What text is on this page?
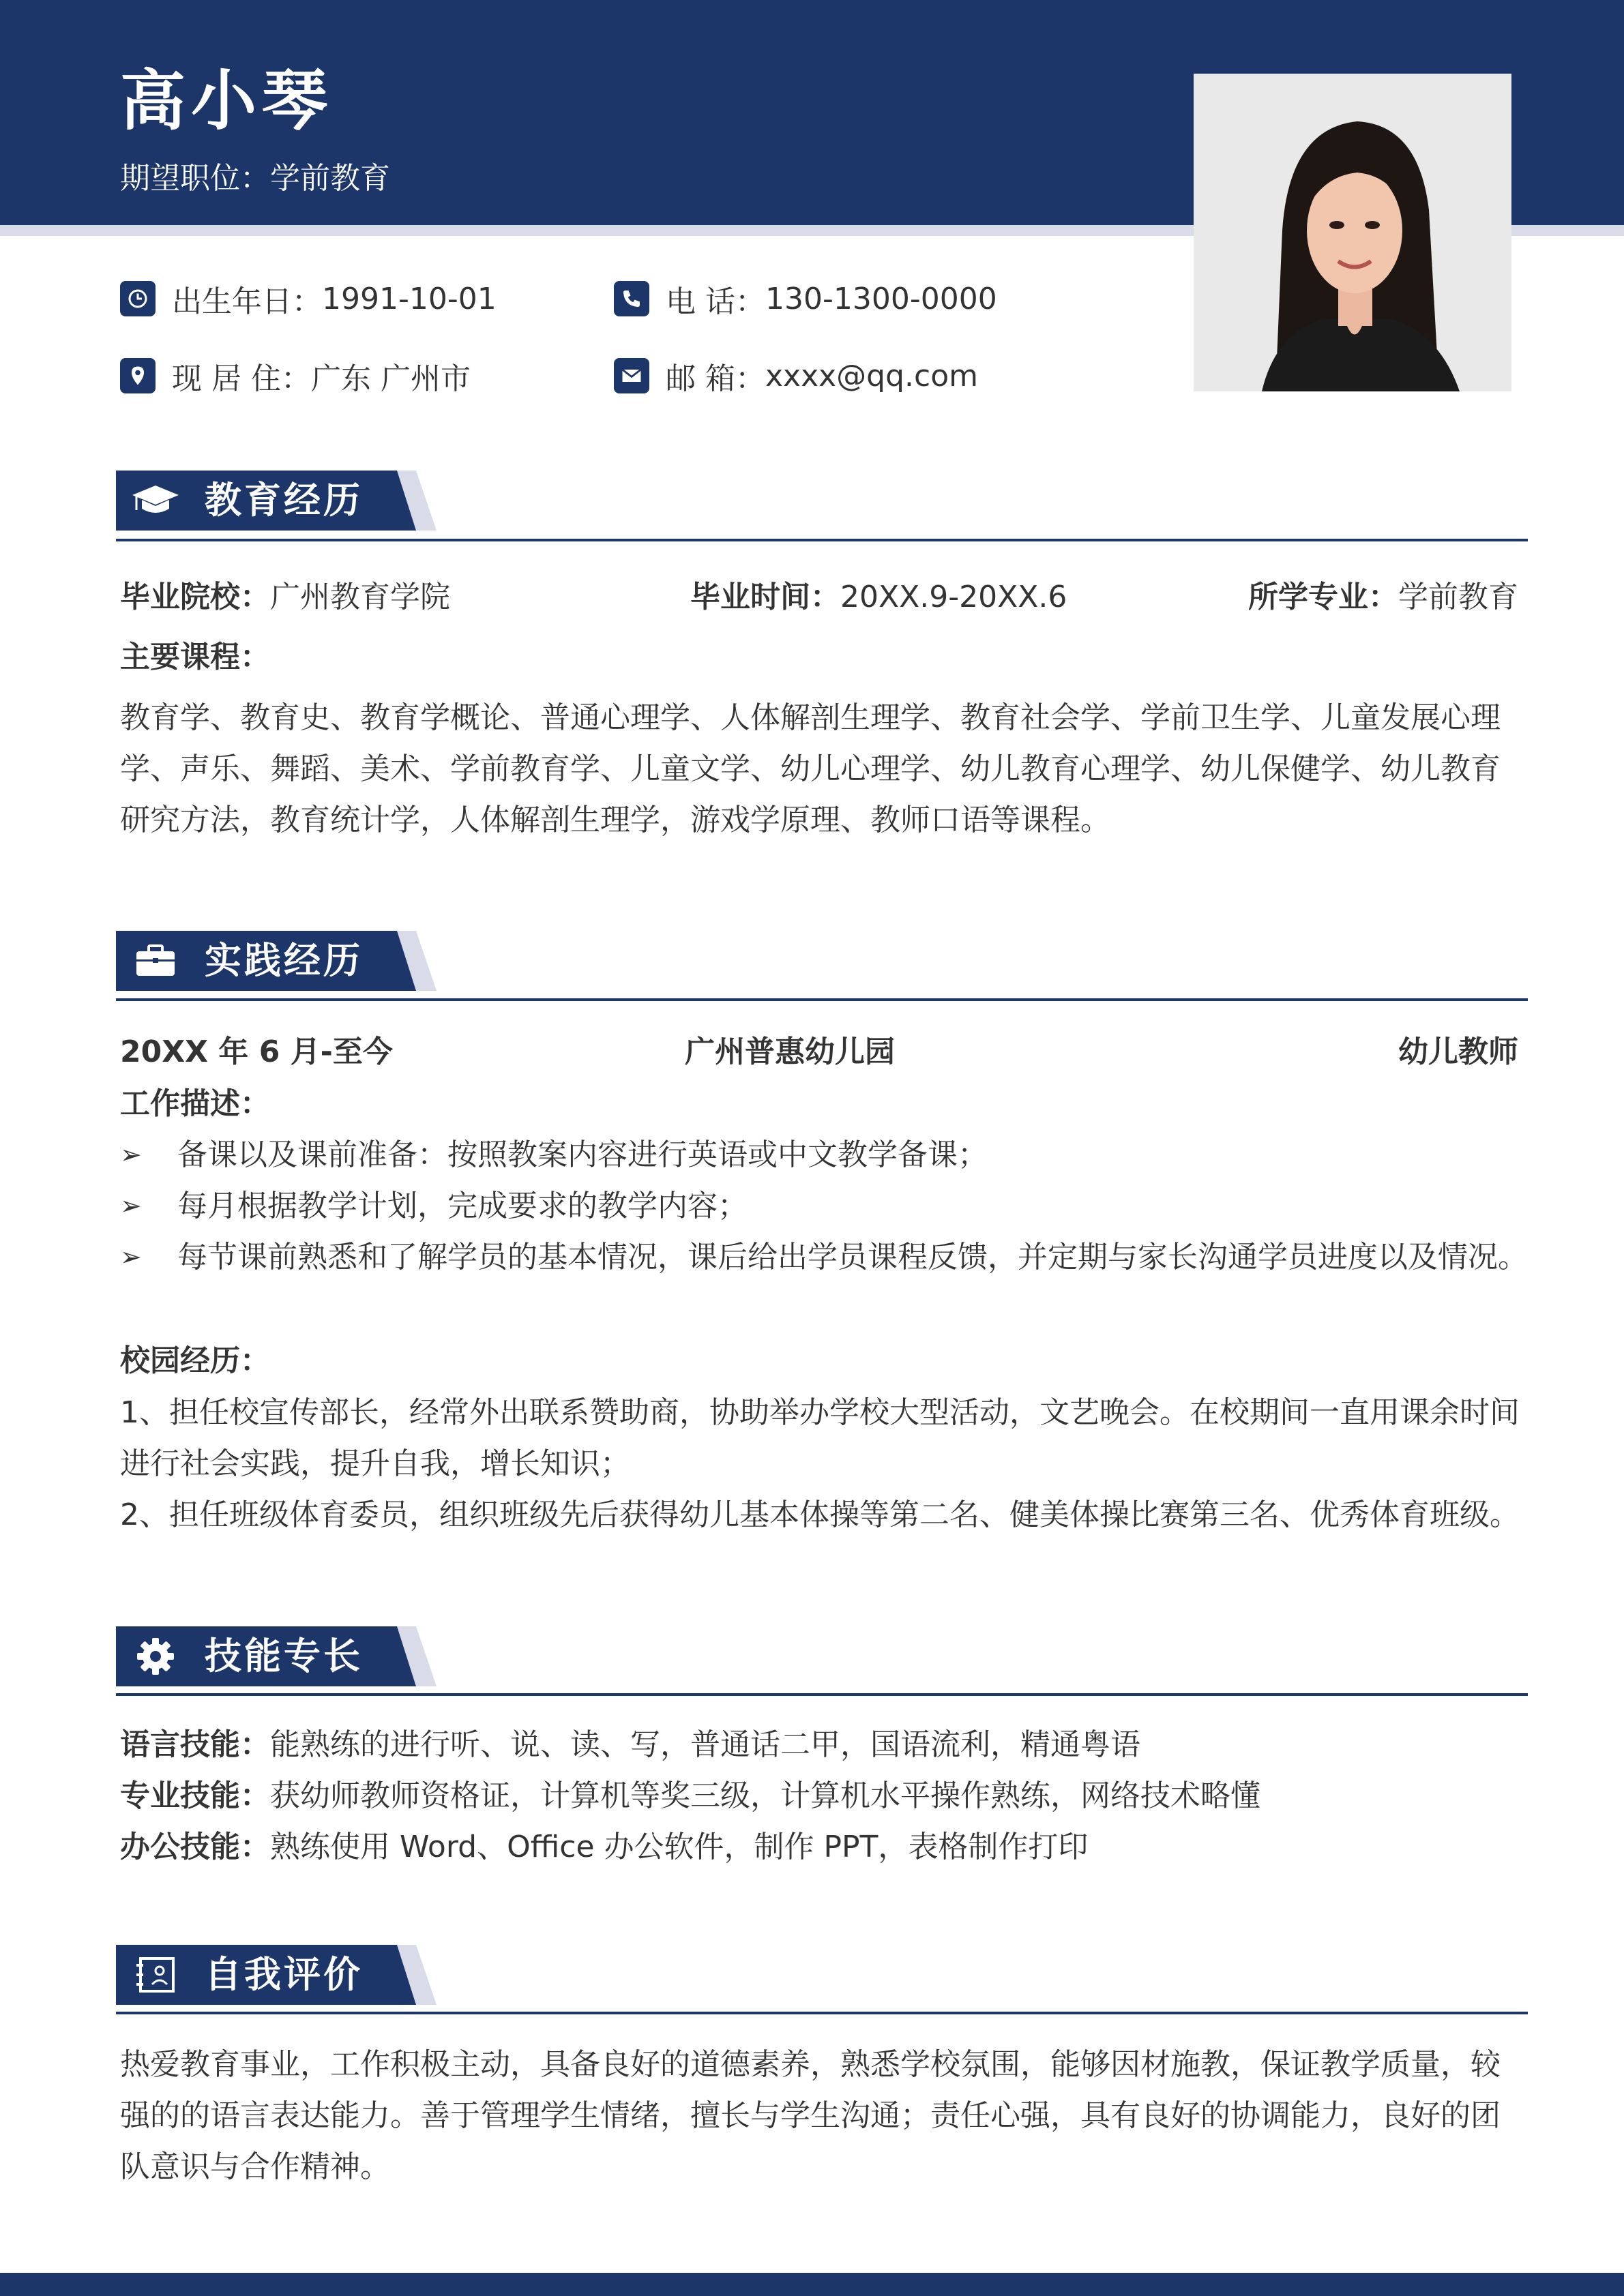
高小琴
期望职位：学前教育
出生年日： 1991-10-01	电 话： 130-1300-0000
现 居 住： 广东 广州市	邮 箱： xxxx@qq.com
教育经历
毕业院校：广州教育学院	毕业时间：20XX.9-20XX.6	所学专业：学前教育
主要课程：
教育学、教育史、教育学概论、普通心理学、人体解剖生理学、教育社会学、学前卫生学、儿童发展心理学、声乐、舞蹈、美术、学前教育学、儿童文学、幼儿心理学、幼儿教育心理学、幼儿保健学、幼儿教育研究方法，教育统计学，人体解剖生理学，游戏学原理、教师口语等课程。
实践经历
20XX 年 6 月-至今	广州普惠幼儿园	幼儿教师
工作描述：
➢	备课以及课前准备：按照教案内容进行英语或中文教学备课；
➢	每月根据教学计划，完成要求的教学内容；
➢	每节课前熟悉和了解学员的基本情况，课后给出学员课程反馈，并定期与家长沟通学员进度以及情况。
校园经历：
1、担任校宣传部长，经常外出联系赞助商，协助举办学校大型活动，文艺晚会。在校期间一直用课余时间进行社会实践，提升自我，增长知识；
2、担任班级体育委员，组织班级先后获得幼儿基本体操等第二名、健美体操比赛第三名、优秀体育班级。
技能专长
语言技能：能熟练的进行听、说、读、写，普通话二甲，国语流利，精通粤语
专业技能：获幼师教师资格证，计算机等奖三级，计算机水平操作熟练，网络技术略懂
办公技能：熟练使用 Word、Office 办公软件，制作 PPT，表格制作打印
自我评价
热爱教育事业，工作积极主动，具备良好的道德素养，熟悉学校氛围，能够因材施教，保证教学质量，较强的的语言表达能力。善于管理学生情绪，擅长与学生沟通；责任心强，具有良好的协调能力，良好的团队意识与合作精神。
